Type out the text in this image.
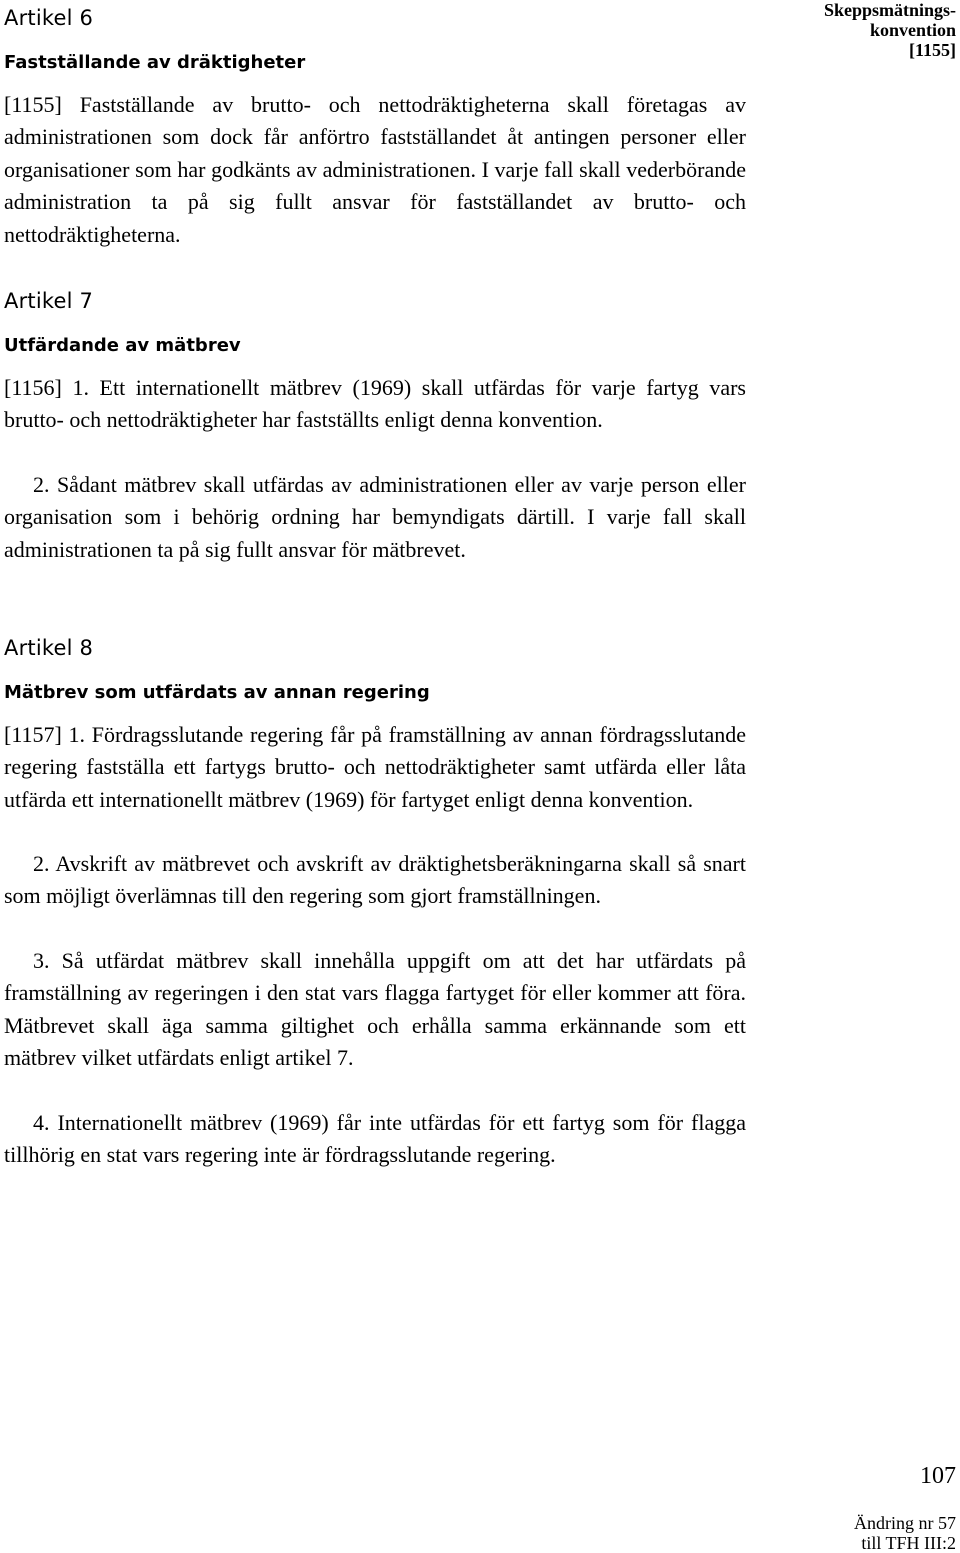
Artikel 6
Fastställande av dräktigheter

[1155] Fastställande av brutto- och nettodräktigheterna skall företagas av administrationen som dock får anförtro fastställandet åt antingen personer eller organisationer som har godkänts av administrationen. I varje fall skall vederbörande administration ta på sig fullt ansvar för fastställandet av brutto- och nettodräktigheterna.

Artikel 7
Utfärdande av mätbrev

[1156] 1. Ett internationellt mätbrev (1969) skall utfärdas för varje fartyg vars brutto- och nettodräktigheter har fastställts enligt denna konvention.

2. Sådant mätbrev skall utfärdas av administrationen eller av varje person eller organisation som i behörig ordning har bemyndigats därtill. I varje fall skall administrationen ta på sig fullt ansvar för mätbrevet.

Artikel 8
Mätbrev som utfärdats av annan regering

[1157] 1. Fördragsslutande regering får på framställning av annan fördragsslutande regering fastställa ett fartygs brutto- och nettodräktigheter samt utfärda eller låta utfärda ett internationellt mätbrev (1969) för fartyget enligt denna konvention.

2. Avskrift av mätbrevet och avskrift av dräktighetsberäkningarna skall så snart som möjligt överlämnas till den regering som gjort framställningen.

3. Så utfärdat mätbrev skall innehålla uppgift om att det har utfärdats på framställning av regeringen i den stat vars flagga fartyget för eller kommer att föra. Mätbrevet skall äga samma giltighet och erhålla samma erkännande som ett mätbrev vilket utfärdats enligt artikel 7.

4. Internationellt mätbrev (1969) får inte utfärdas för ett fartyg som för flagga tillhörig en stat vars regering inte är fördragsslutande regering.

Skeppsmätnings-
konvention
[1155]
107
Ändring nr 57
till TFH III:2
